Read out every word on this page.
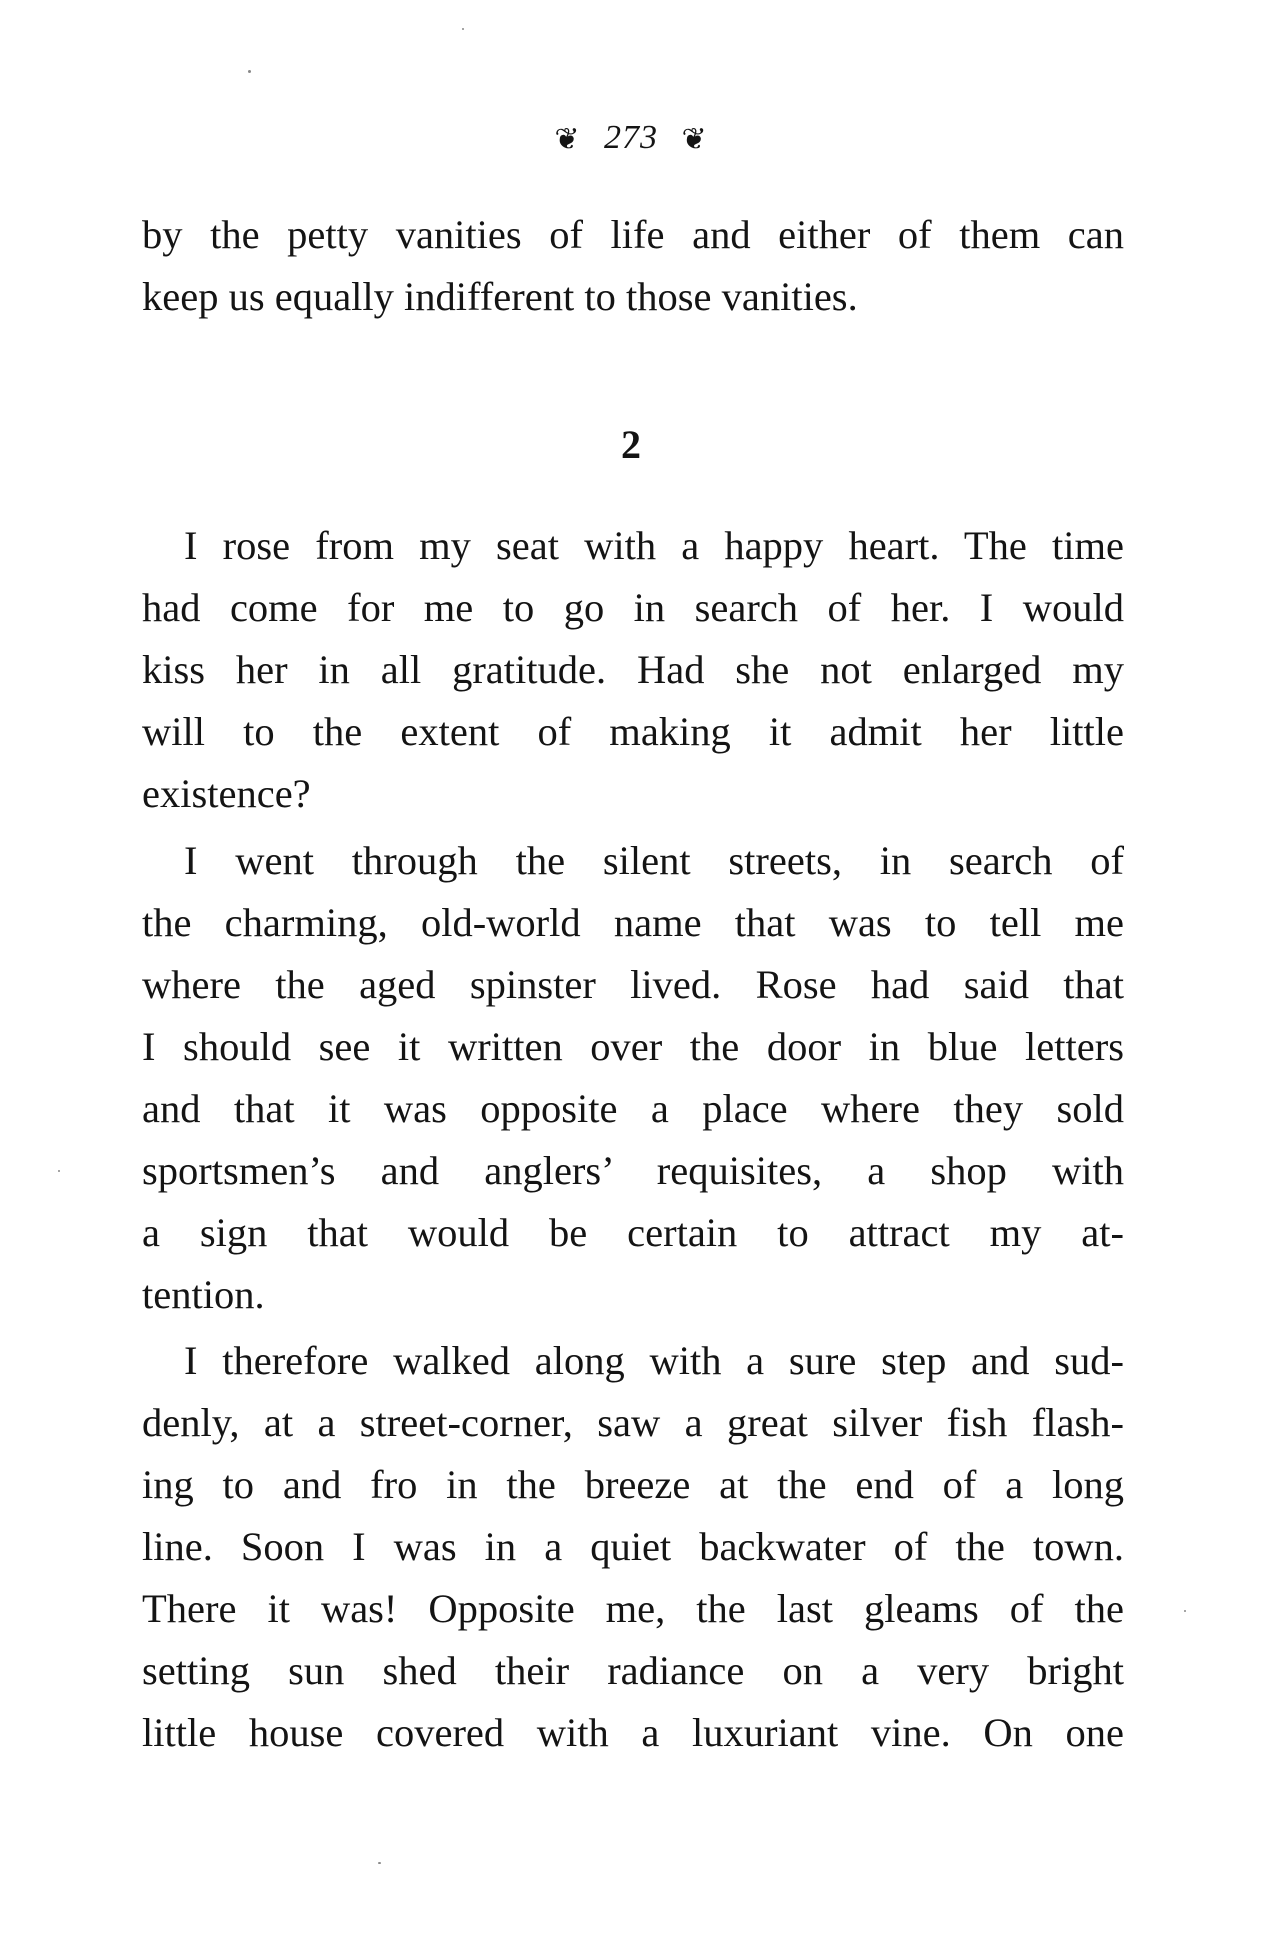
❦ 273 ❦
by the petty vanities of life and either of them can
keep us equally indifferent to those vanities.
2
I rose from my seat with a happy heart. The time
had come for me to go in search of her. I would
kiss her in all gratitude. Had she not enlarged my
will to the extent of making it admit her little
existence?
I went through the silent streets, in search of
the charming, old-world name that was to tell me
where the aged spinster lived. Rose had said that
I should see it written over the door in blue letters
and that it was opposite a place where they sold
sportsmen’s and anglers’ requisites, a shop with
a sign that would be certain to attract my at-
tention.
I therefore walked along with a sure step and sud-
denly, at a street-corner, saw a great silver fish flash-
ing to and fro in the breeze at the end of a long
line. Soon I was in a quiet backwater of the town.
There it was! Opposite me, the last gleams of the
setting sun shed their radiance on a very bright
little house covered with a luxuriant vine. On one
